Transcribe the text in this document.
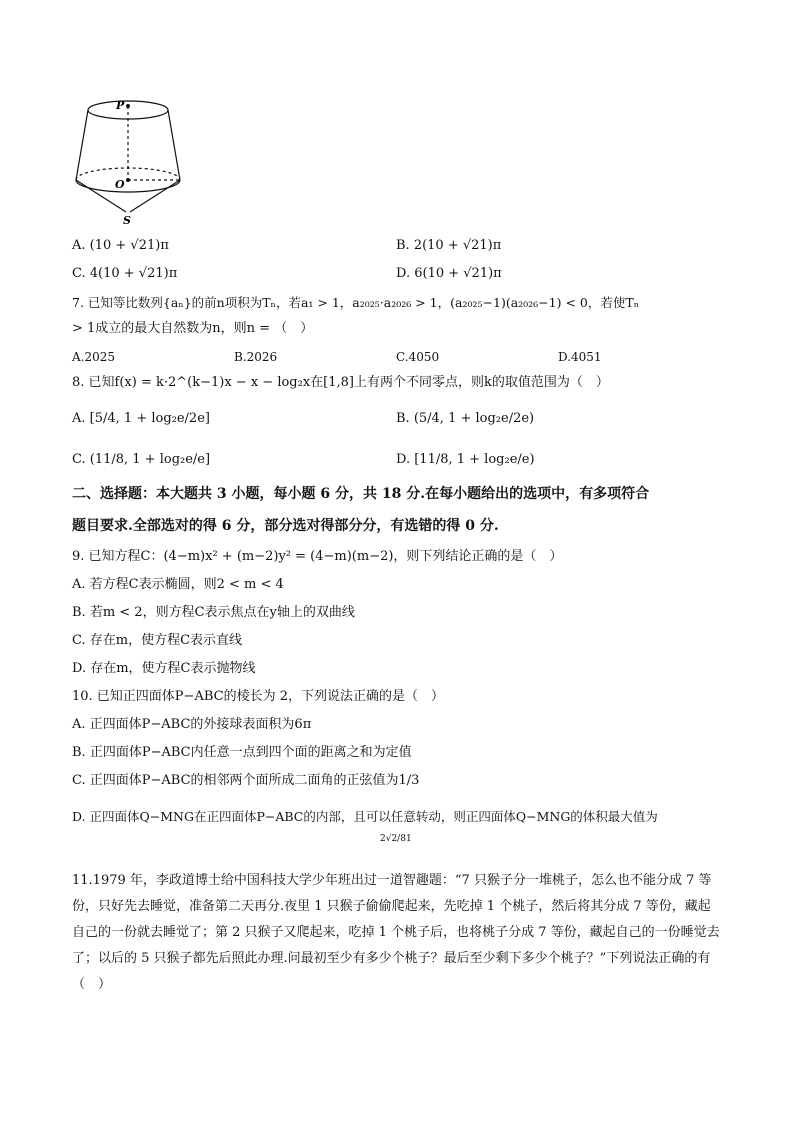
P
O
S
A. (10 + √21)π	B. 2(10 + √21)π
C. 4(10 + √21)π	D. 6(10 + √21)π
7. 已知等比数列{aₙ}的前n项积为Tₙ，若a₁ > 1，a₂₀₂₅·a₂₀₂₆ > 1，(a₂₀₂₅−1)(a₂₀₂₆−1) < 0，若使Tₙ
> 1成立的最大自然数为n，则n = （　）
A.2025	B.2026	C.4050	D.4051
8. 已知f(x) = k·2^(k−1)x − x − log₂x在[1,8]上有两个不同零点，则k的取值范围为（　）
A. [5/4, 1 + log₂e/2e]	B. (5/4, 1 + log₂e/2e)
C. (11/8, 1 + log₂e/e]	D. [11/8, 1 + log₂e/e)
二、选择题：本大题共 3 小题，每小题 6 分，共 18 分.在每小题给出的选项中，有多项符合
题目要求.全部选对的得 6 分，部分选对得部分分，有选错的得 0 分.
9. 已知方程C：(4−m)x² + (m−2)y² = (4−m)(m−2)，则下列结论正确的是（　）
A. 若方程C表示椭圆，则2 < m < 4
B. 若m < 2，则方程C表示焦点在y轴上的双曲线
C. 存在m，使方程C表示直线
D. 存在m，使方程C表示抛物线
10. 已知正四面体P−ABC的棱长为 2，下列说法正确的是（　）
A. 正四面体P−ABC的外接球表面积为6π
B. 正四面体P−ABC内任意一点到四个面的距离之和为定值
C. 正四面体P−ABC的相邻两个面所成二面角的正弦值为1/3
D. 正四面体Q−MNG在正四面体P−ABC的内部，且可以任意转动，则正四面体Q−MNG的体积最大值为
2√2/81
11.1979 年，李政道博士给中国科技大学少年班出过一道智趣题：“7 只猴子分一堆桃子，怎么也不能分成 7 等份，只好先去睡觉，准备第二天再分.夜里 1 只猴子偷偷爬起来，先吃掉 1 个桃子，然后将其分成 7 等份，藏起自己的一份就去睡觉了；第 2 只猴子又爬起来，吃掉 1 个桃子后，也将桃子分成 7 等份，藏起自己的一份睡觉去了；以后的 5 只猴子都先后照此办理.问最初至少有多少个桃子？最后至少剩下多少个桃子？”下列说法正确的有（　）
